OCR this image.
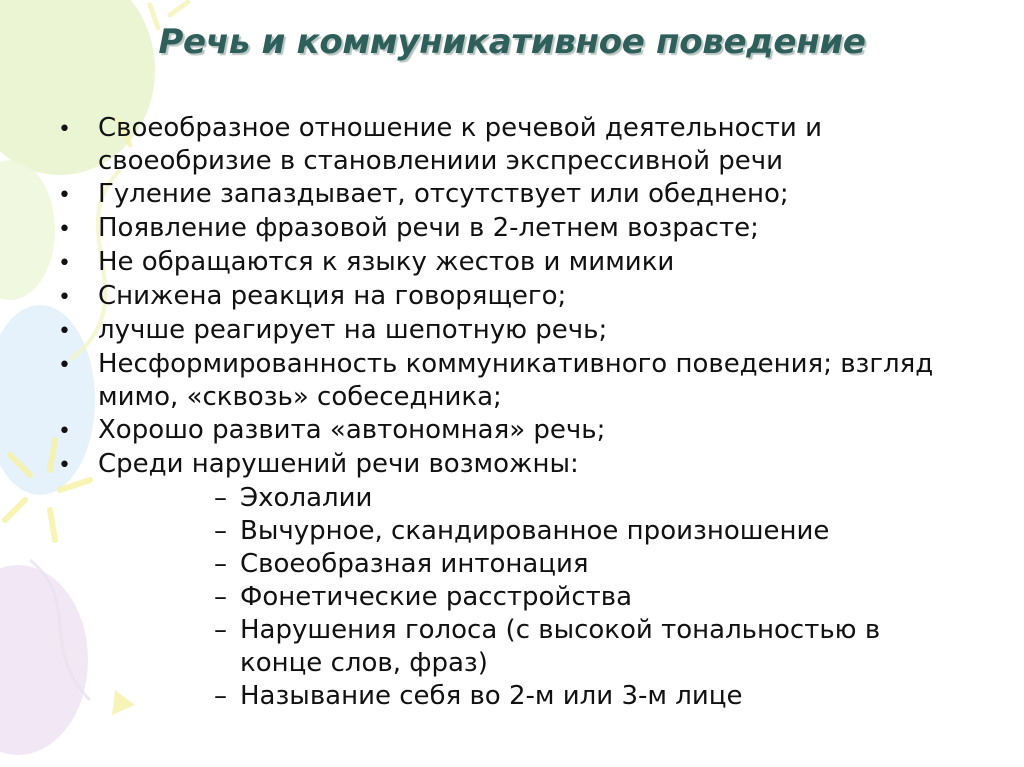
Речь и коммуникативное поведение
•
Своеобразное отношение к речевой деятельности и своеобризие в становлениии экспрессивной речи
•
Гуление запаздывает, отсутствует или обеднено;
•
Появление фразовой речи в 2-летнем возрасте;
•
Не обращаются к языку жестов и мимики
•
Снижена реакция на говорящего;
•
лучше реагирует на шепотную речь;
•
Несформированность коммуникативного поведения; взгляд мимо, «сквозь» собеседника;
•
Хорошо развита «автономная» речь;
•
Среди нарушений речи возможны:
–
Эхолалии
–
Вычурное, скандированное произношение
–
Своеобразная интонация
–
Фонетические расстройства
–
Нарушения голоса (с высокой тональностью в конце слов, фраз)
–
Называние себя во 2-м или 3-м лице
